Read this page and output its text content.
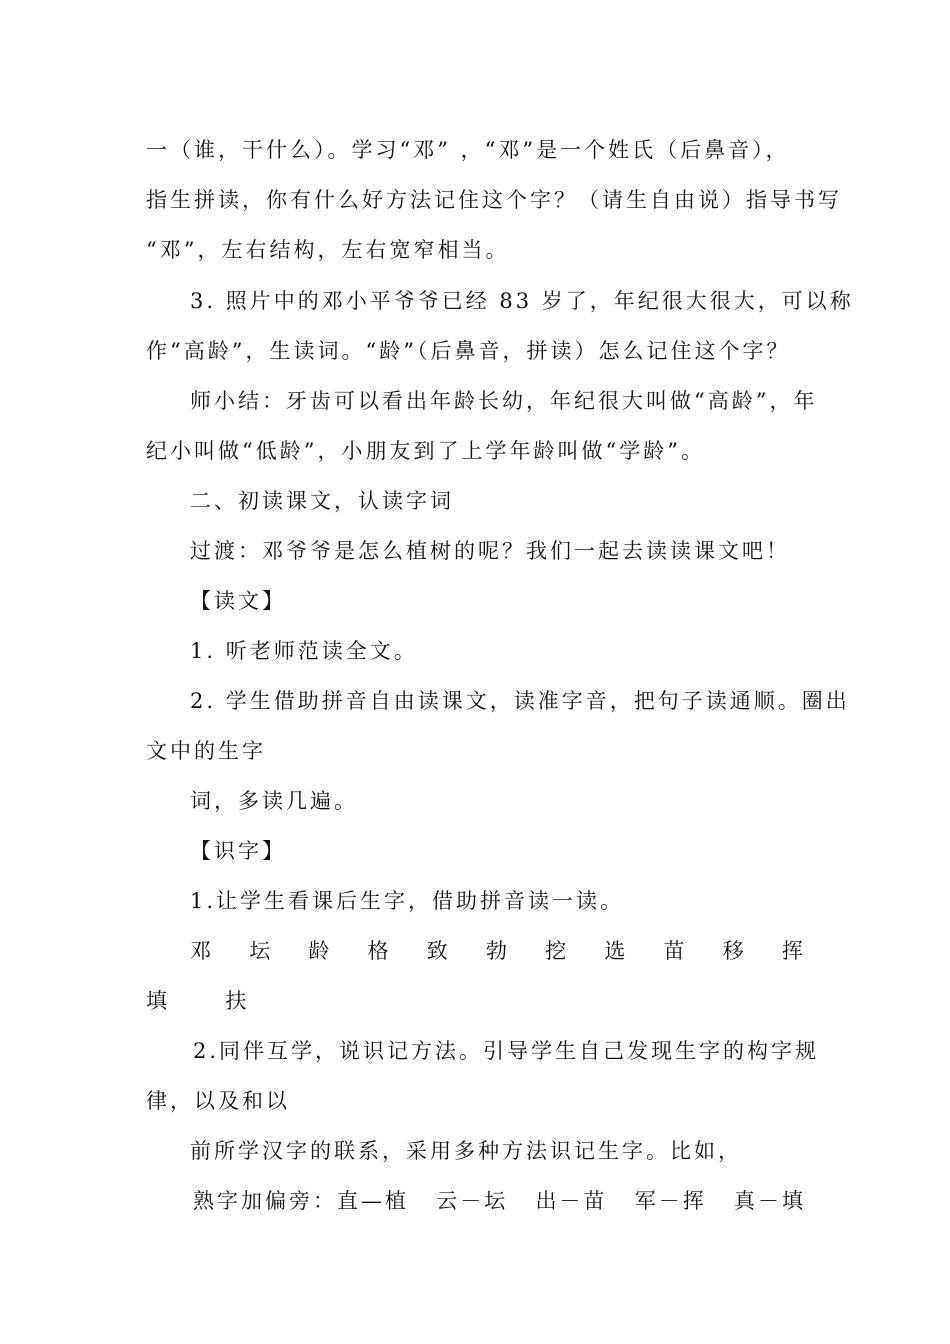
一（谁，干什么）。学习“邓” ，“邓”是一个姓氏（后鼻音），
指生拼读，你有什么好方法记住这个字？（请生自由说）指导书写
“邓”，左右结构，左右宽窄相当。
3. 照片中的邓小平爷爷已经 83 岁了，年纪很大很大，可以称
作“高龄”，生读词。“龄”（后鼻音，拼读）怎么记住这个字？
师小结：牙齿可以看出年龄长幼，年纪很大叫做“高龄”，年
纪小叫做“低龄”，小朋友到了上学年龄叫做“学龄”。
二、初读课文，认读字词
过渡：邓爷爷是怎么植树的呢？我们一起去读读课文吧！
【读文】
1. 听老师范读全文。
2. 学生借助拼音自由读课文，读准字音，把句子读通顺。圈出
文中的生字
词，多读几遍。
【识字】
1.让学生看课后生字，借助拼音读一读。
邓 坛 龄 格 致 勃 挖 选 苗 移 挥
填	扶
2.同伴互学，说识记方法。引导学生自己发现生字的构字规
律，以及和以
前所学汉字的联系，采用多种方法识记生字。比如，
熟字加偏旁：直—植 云－坛 出－苗 军－挥 真－填
